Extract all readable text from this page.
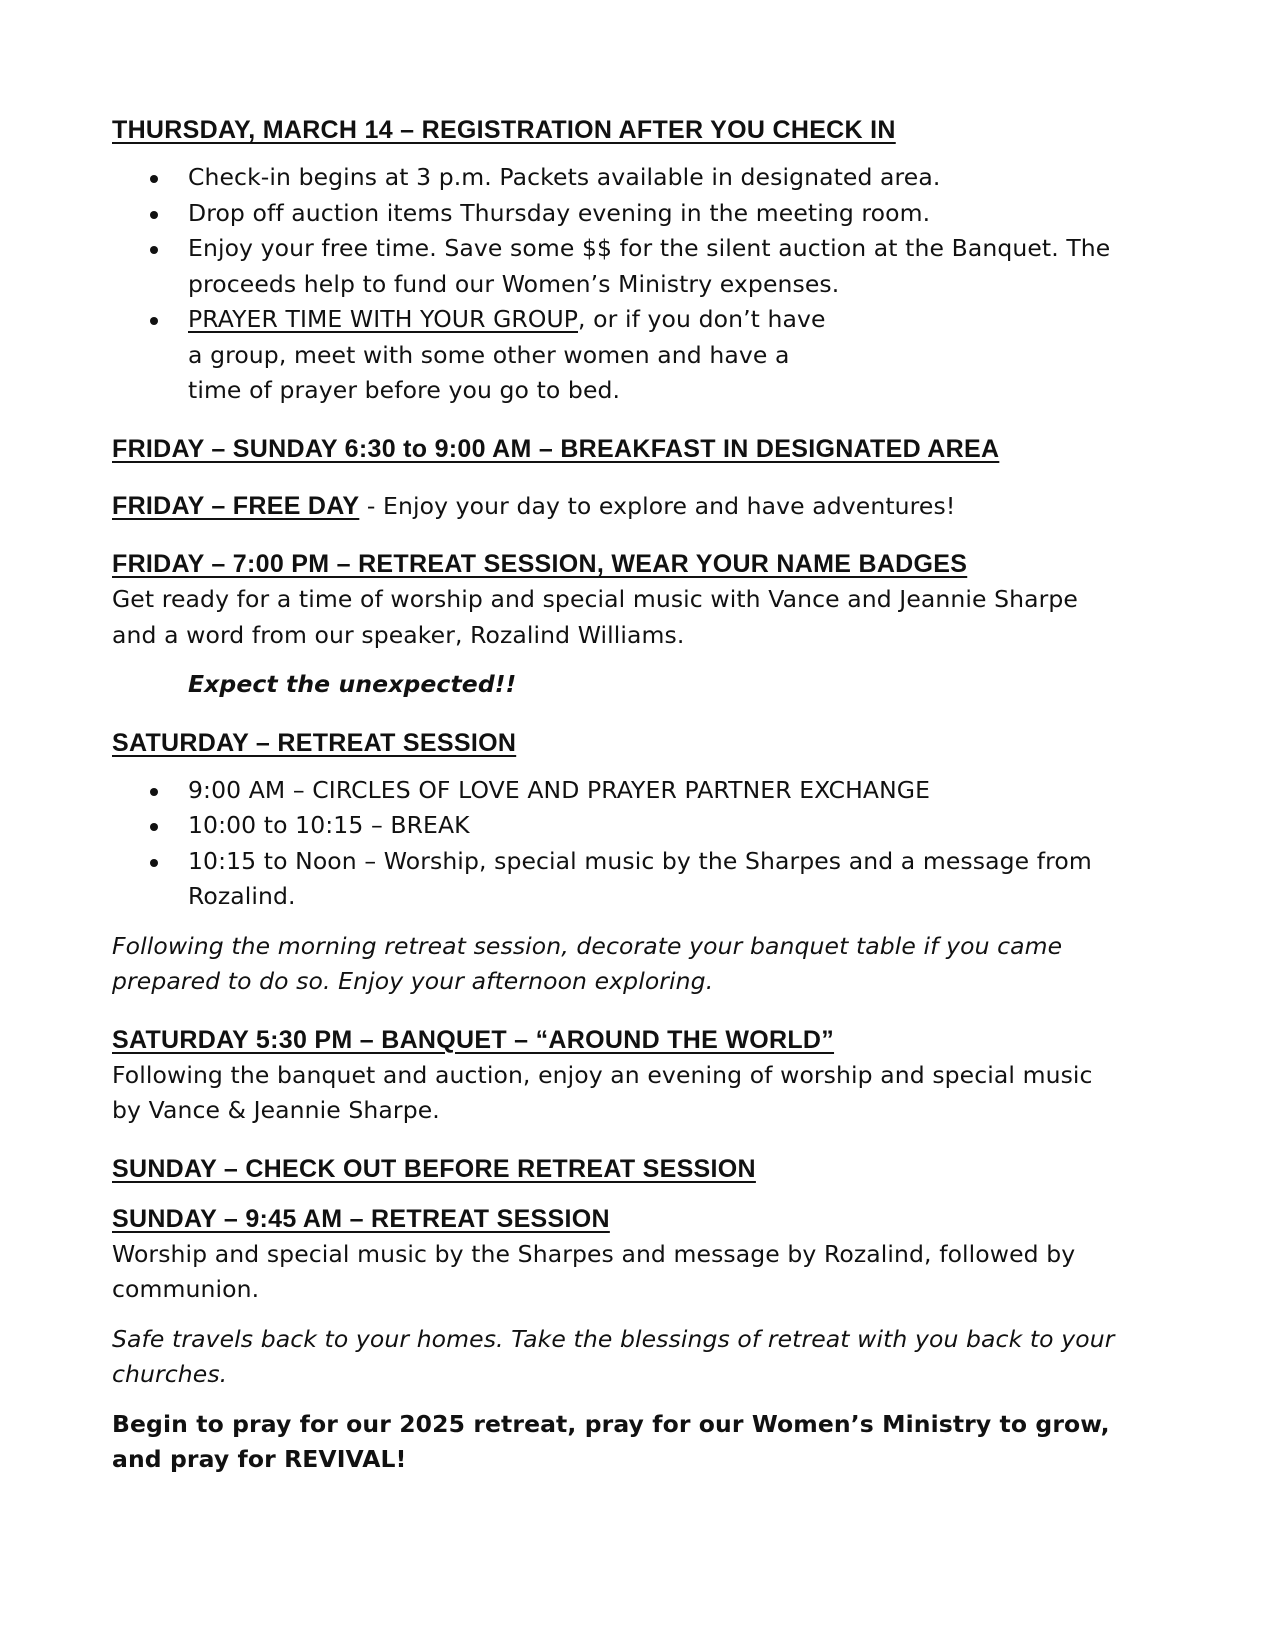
THURSDAY, MARCH 14 – REGISTRATION AFTER YOU CHECK IN
Check-in begins at 3 p.m. Packets available in designated area.
Drop off auction items Thursday evening in the meeting room.
Enjoy your free time. Save some $$ for the silent auction at the Banquet. The proceeds help to fund our Women’s Ministry expenses.
PRAYER TIME WITH YOUR GROUP, or if you don’t have a group, meet with some other women and have a time of prayer before you go to bed.
FRIDAY – SUNDAY 6:30 to 9:00 AM – BREAKFAST IN DESIGNATED AREA
FRIDAY – FREE DAY - Enjoy your day to explore and have adventures!
FRIDAY – 7:00 PM – RETREAT SESSION, WEAR YOUR NAME BADGES
Get ready for a time of worship and special music with Vance and Jeannie Sharpe and a word from our speaker, Rozalind Williams.
Expect the unexpected!!
SATURDAY – RETREAT SESSION
9:00 AM – CIRCLES OF LOVE AND PRAYER PARTNER EXCHANGE
10:00 to 10:15 – BREAK
10:15 to Noon – Worship, special music by the Sharpes and a message from Rozalind.
Following the morning retreat session, decorate your banquet table if you came prepared to do so. Enjoy your afternoon exploring.
SATURDAY 5:30 PM – BANQUET – “AROUND THE WORLD”
Following the banquet and auction, enjoy an evening of worship and special music by Vance & Jeannie Sharpe.
SUNDAY – CHECK OUT BEFORE RETREAT SESSION
SUNDAY – 9:45 AM – RETREAT SESSION
Worship and special music by the Sharpes and message by Rozalind, followed by communion.
Safe travels back to your homes. Take the blessings of retreat with you back to your churches.
Begin to pray for our 2025 retreat, pray for our Women’s Ministry to grow, and pray for REVIVAL!
